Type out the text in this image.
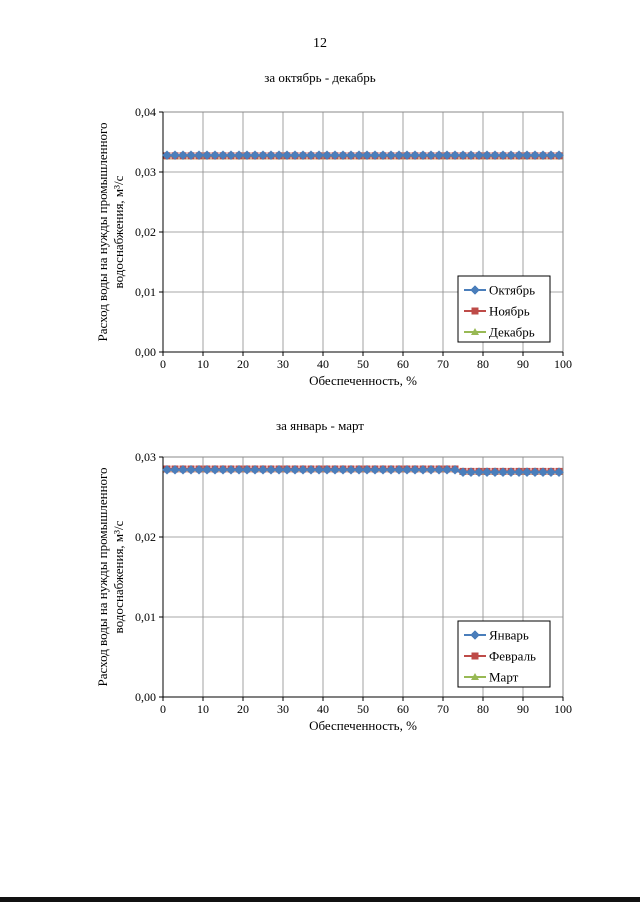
12
за октябрь - декабрь
0	10 20 30 40 50 60 70 80 90 100
0,00
0,01
0,02
0,03
0,04
Обеспеченность, %
Расход воды на нужды промышленного водоснабжения, м³/с
Октябрь
Ноябрь
Декабрь
за январь - март
0	10 20 30 40 50 60 70 80 90 100
0,00
0,01
0,02
0,03
Обеспеченность, %
Расход воды на нужды промышленного водоснабжения, м³/с
Январь
Февраль
Март
